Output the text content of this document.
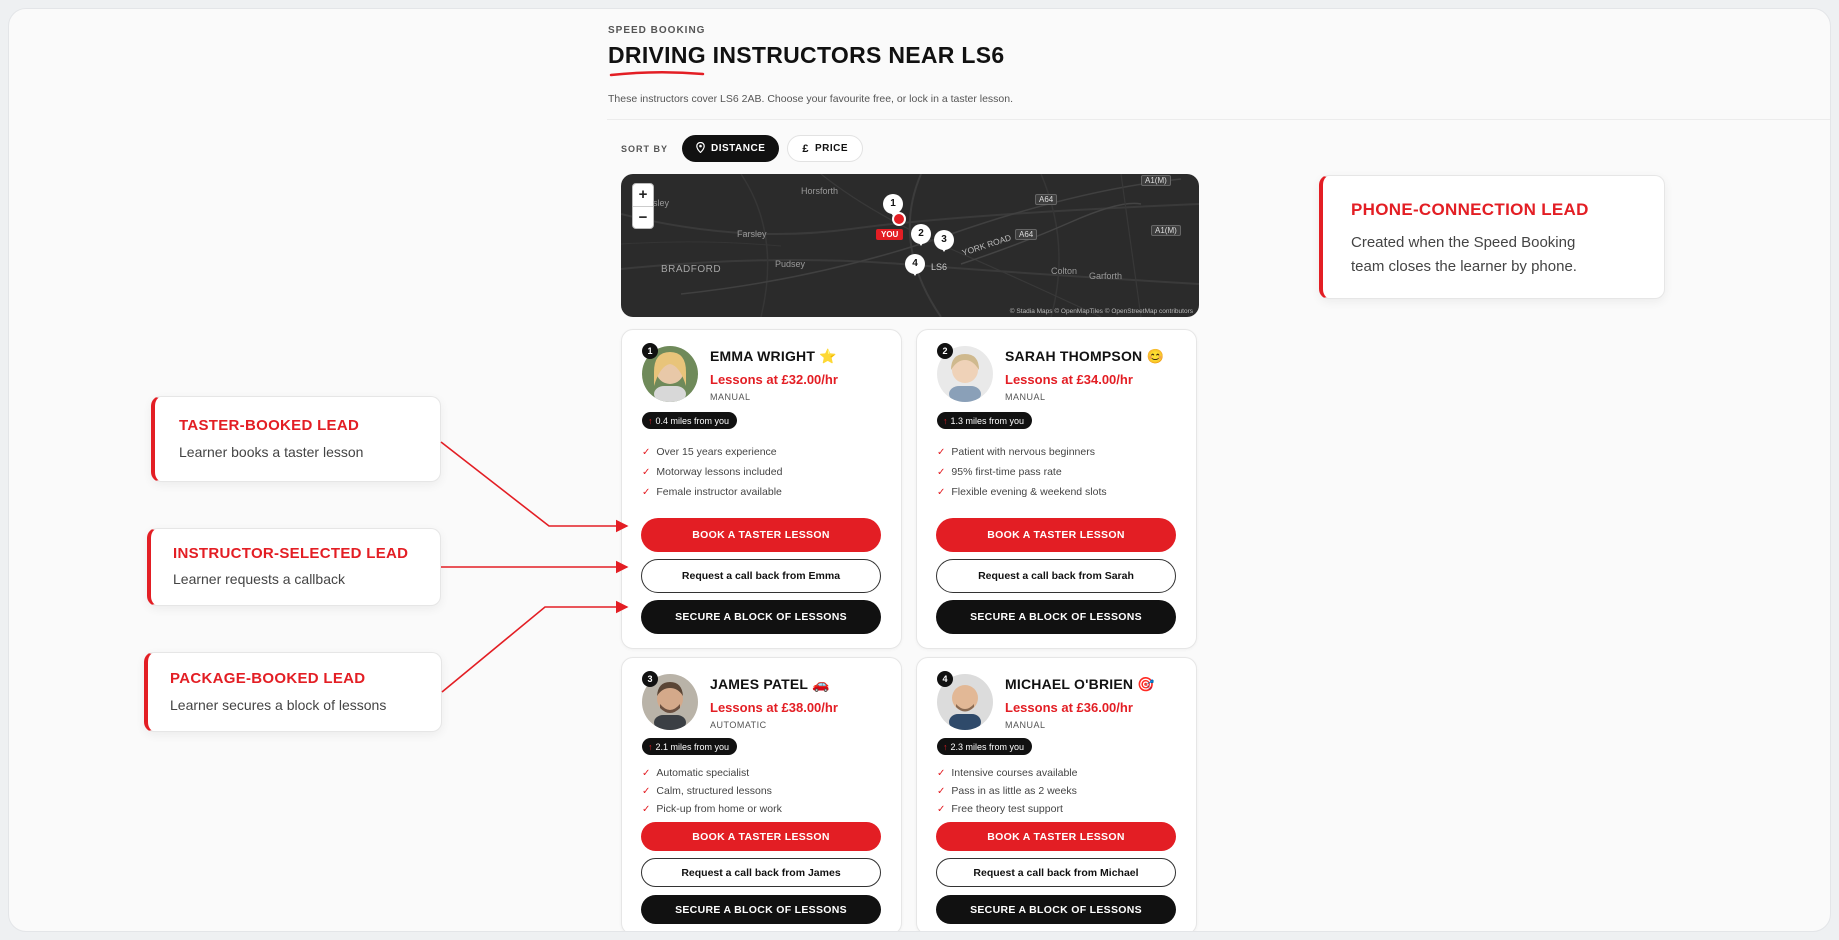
SPEED BOOKING
DRIVING INSTRUCTORS NEAR LS6
These instructors cover LS6 2AB. Choose your favourite free, or lock in a taster lesson.
SORT BY	DISTANCE	£ PRICE
+
−
sley
Horsforth
Farsley
Pudsey
BRADFORD	Colton Garforth
YORK ROAD
LS6
A1(M)
A64
A64	A1(M)
1
YOU	2
3
4
© Stadia Maps © OpenMapTiles © OpenStreetMap contributors
1	EMMA WRIGHT ⭐
Lessons at £32.00/hr
MANUAL
↑ 0.4 miles from you
✓ Over 15 years experience
✓ Motorway lessons included
✓ Female instructor available
BOOK A TASTER LESSON
Request a call back from Emma
SECURE A BLOCK OF LESSONS
2	SARAH THOMPSON 😊
Lessons at £34.00/hr
MANUAL
↑ 1.3 miles from you
✓ Patient with nervous beginners
✓ 95% first-time pass rate
✓ Flexible evening & weekend slots
BOOK A TASTER LESSON
Request a call back from Sarah
SECURE A BLOCK OF LESSONS
3	JAMES PATEL 🚗
Lessons at £38.00/hr
AUTOMATIC
↑ 2.1 miles from you
✓ Automatic specialist
✓ Calm, structured lessons
✓ Pick-up from home or work
BOOK A TASTER LESSON
Request a call back from James
SECURE A BLOCK OF LESSONS
4	MICHAEL O'BRIEN 🎯
Lessons at £36.00/hr
MANUAL
↑ 2.3 miles from you
✓ Intensive courses available
✓ Pass in as little as 2 weeks
✓ Free theory test support
BOOK A TASTER LESSON
Request a call back from Michael
SECURE A BLOCK OF LESSONS
PHONE-CONNECTION LEAD
Created when the Speed Booking
team closes the learner by phone.
TASTER-BOOKED LEAD
Learner books a taster lesson
INSTRUCTOR-SELECTED LEAD
Learner requests a callback
PACKAGE-BOOKED LEAD
Learner secures a block of lessons
